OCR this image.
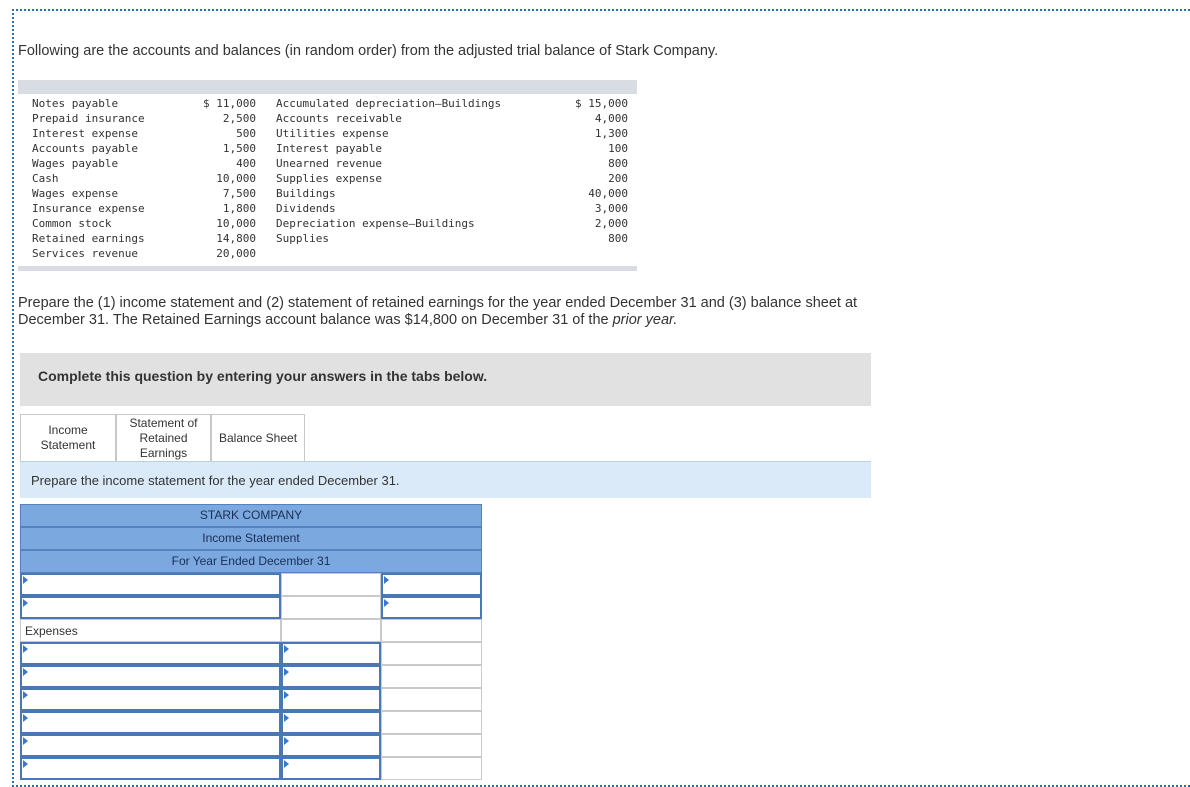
Following are the accounts and balances (in random order) from the adjusted trial balance of Stark Company.
Notes payable
Prepaid insurance
Interest expense
Accounts payable
Wages payable
Cash
Wages expense
Insurance expense
Common stock
Retained earnings
Services revenue
$ 11,000
2,500
500
1,500
400
10,000
7,500
1,800
10,000
14,800
20,000
Accumulated depreciation—Buildings
Accounts receivable
Utilities expense
Interest payable
Unearned revenue
Supplies expense
Buildings
Dividends
Depreciation expense—Buildings
Supplies
$ 15,000
4,000
1,300
100
800
200
40,000
3,000
2,000
800
Prepare the (1) income statement and (2) statement of retained earnings for the year ended December 31 and (3) balance sheet at
December 31. The Retained Earnings account balance was $14,800 on December 31 of the prior year.
Complete this question by entering your answers in the tabs below.
Income Statement
Statement of Retained Earnings
Balance Sheet
Prepare the income statement for the year ended December 31.
STARK COMPANY
Income Statement
For Year Ended December 31
Expenses
